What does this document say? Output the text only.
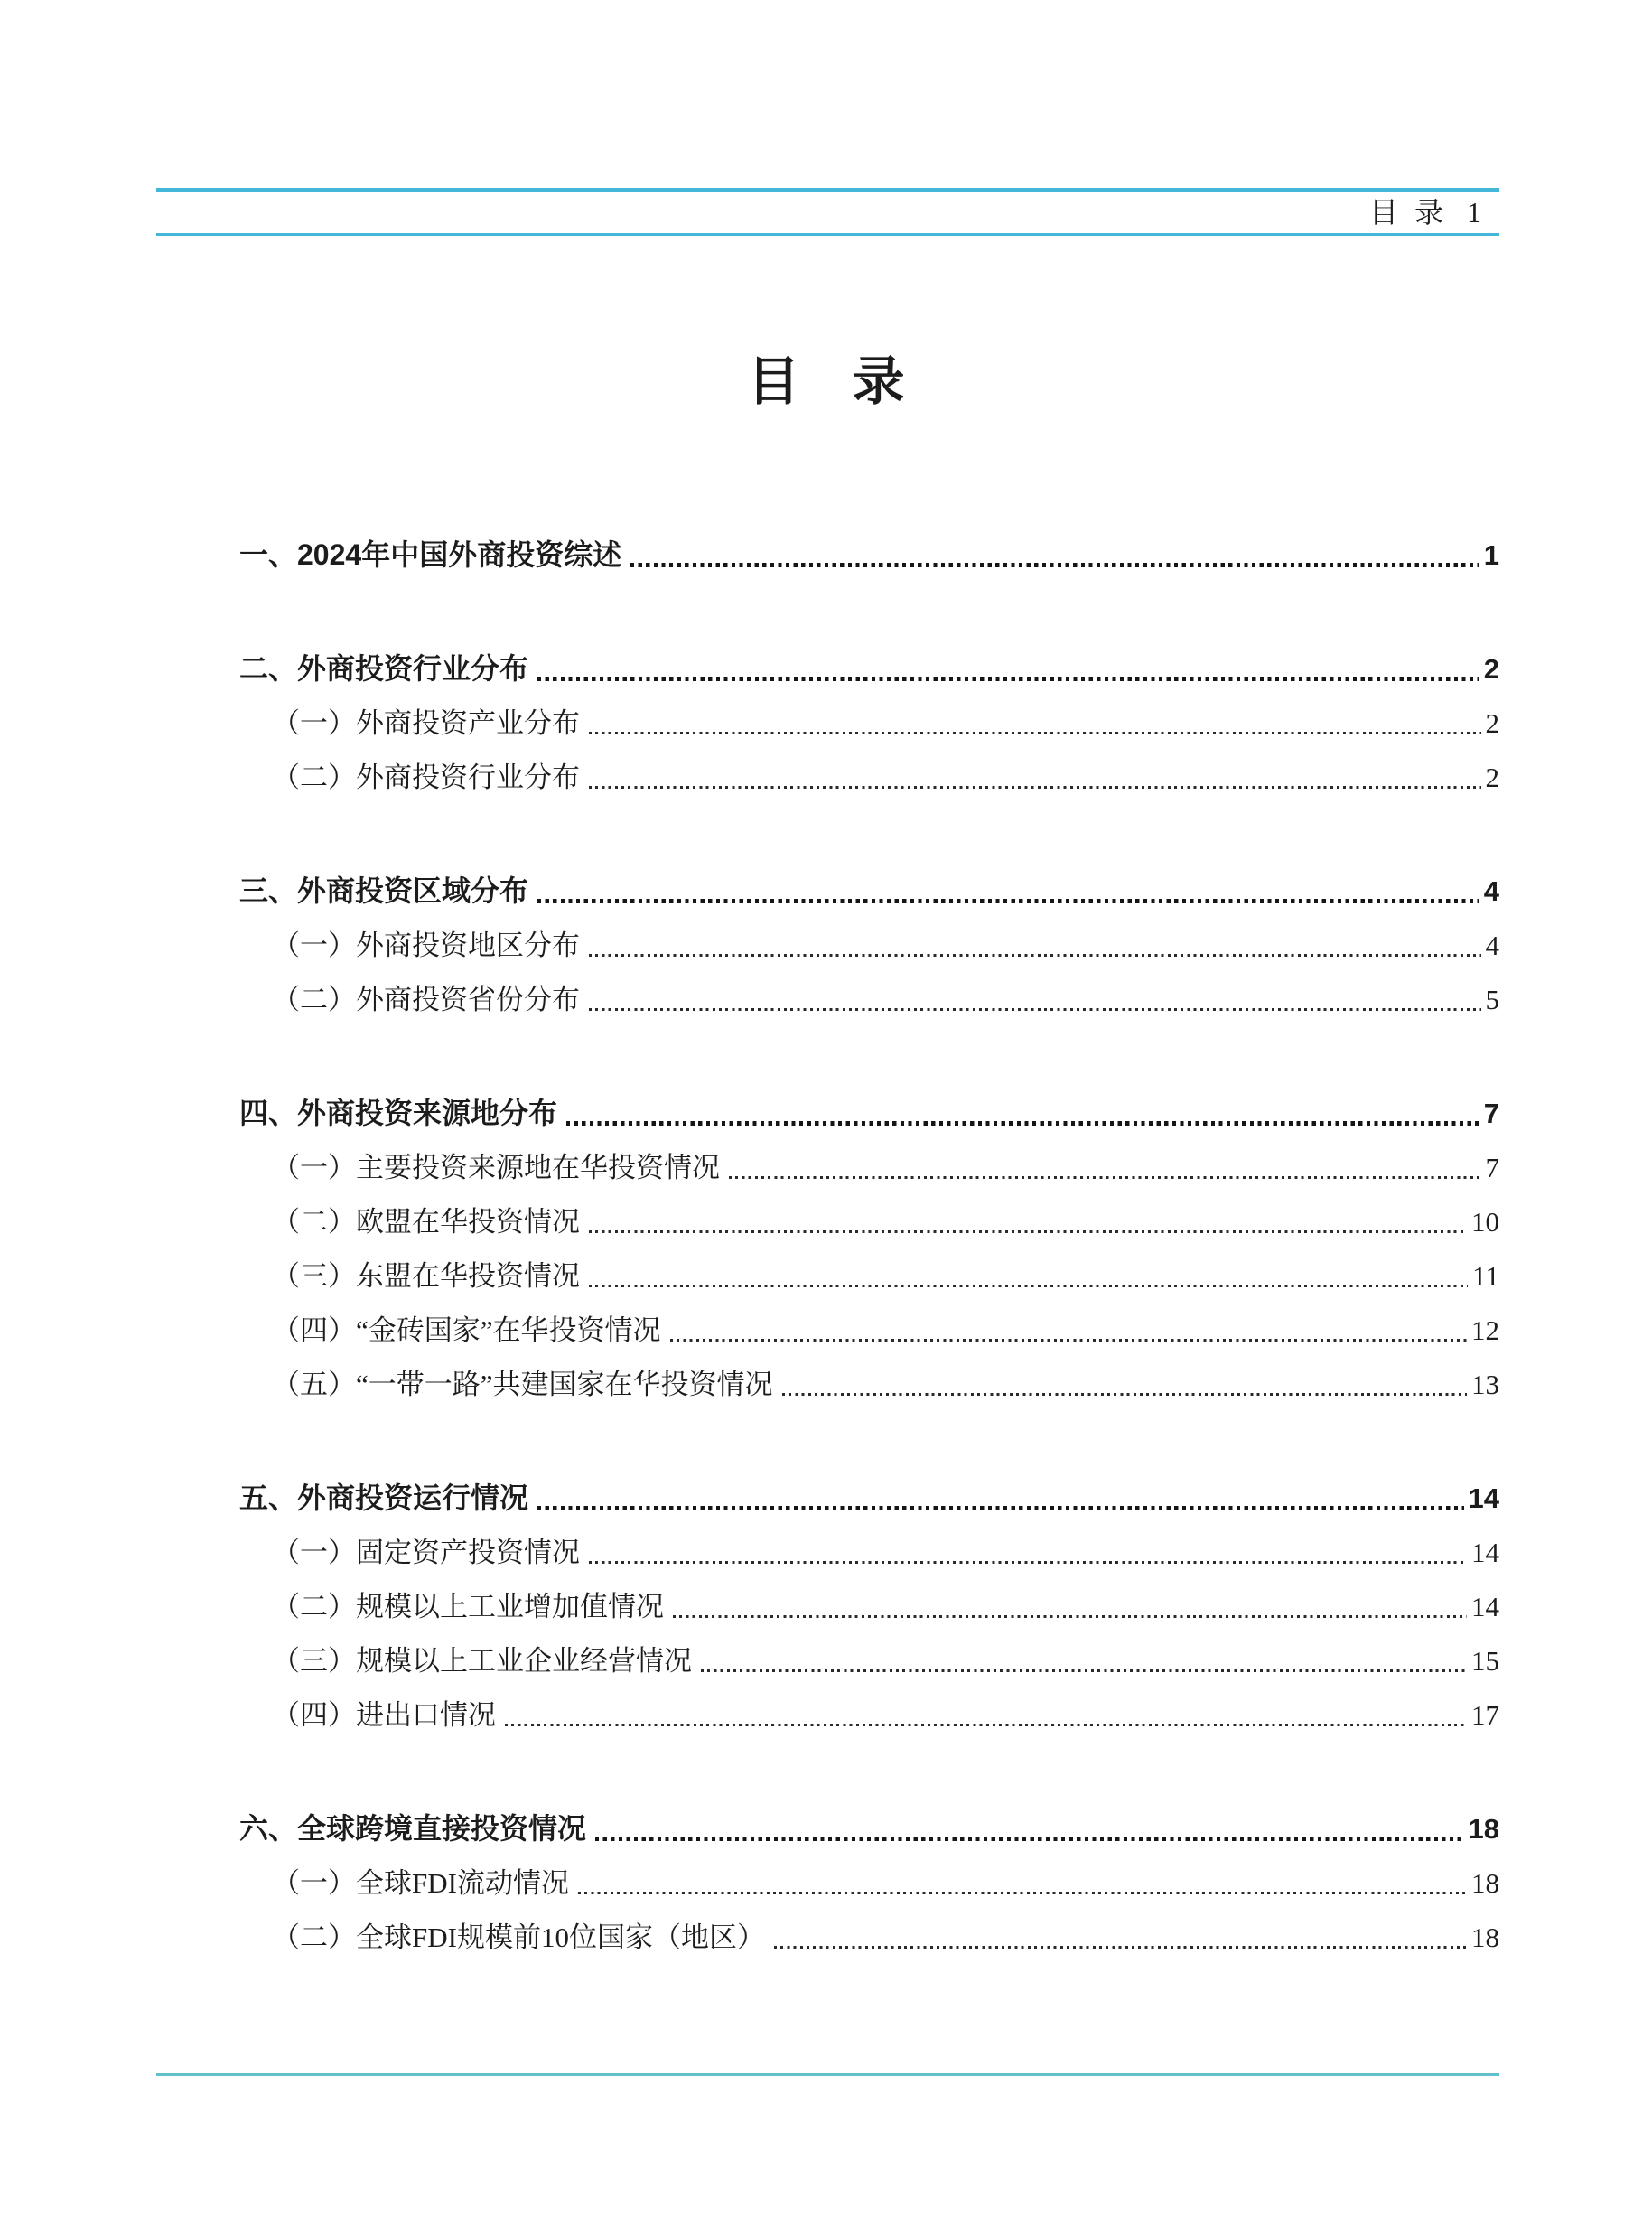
目 录 1
目　录
一、2024年中国外商投资综述	1
二、外商投资行业分布	2
（一）外商投资产业分布	2
（二）外商投资行业分布	2
三、外商投资区域分布	4
（一）外商投资地区分布	4
（二）外商投资省份分布	5
四、外商投资来源地分布	7
（一）主要投资来源地在华投资情况	7
（二）欧盟在华投资情况	10
（三）东盟在华投资情况	11
（四）“金砖国家”在华投资情况	12
（五）“一带一路”共建国家在华投资情况	13
五、外商投资运行情况	14
（一）固定资产投资情况	14
（二）规模以上工业增加值情况	14
（三）规模以上工业企业经营情况	15
（四）进出口情况	17
六、全球跨境直接投资情况	18
（一）全球FDI流动情况	18
（二）全球FDI规模前10位国家（地区）	18
